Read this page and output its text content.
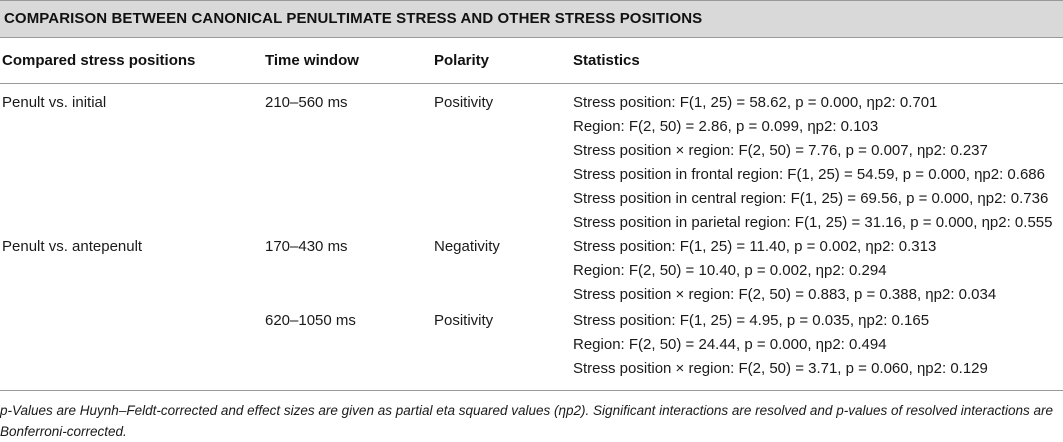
COMPARISON BETWEEN CANONICAL PENULTIMATE STRESS AND OTHER STRESS POSITIONS
Compared stress positions	Time window	Polarity	Statistics
Penult vs. initial	210–560 ms	Positivity	Stress position: F(1, 25) = 58.62, p = 0.000, ηp2: 0.701
Region: F(2, 50) = 2.86, p = 0.099, ηp2: 0.103
Stress position × region: F(2, 50) = 7.76, p = 0.007, ηp2: 0.237
Stress position in frontal region: F(1, 25) = 54.59, p = 0.000, ηp2: 0.686
Stress position in central region: F(1, 25) = 69.56, p = 0.000, ηp2: 0.736
Stress position in parietal region: F(1, 25) = 31.16, p = 0.000, ηp2: 0.555
Penult vs. antepenult	170–430 ms	Negativity	Stress position: F(1, 25) = 11.40, p = 0.002, ηp2: 0.313
Region: F(2, 50) = 10.40, p = 0.002, ηp2: 0.294
Stress position × region: F(2, 50) = 0.883, p = 0.388, ηp2: 0.034
620–1050 ms	Positivity	Stress position: F(1, 25) = 4.95, p = 0.035, ηp2: 0.165
Region: F(2, 50) = 24.44, p = 0.000, ηp2: 0.494
Stress position × region: F(2, 50) = 3.71, p = 0.060, ηp2: 0.129
p-Values are Huynh–Feldt-corrected and effect sizes are given as partial eta squared values (ηp2). Significant interactions are resolved and p-values of resolved interactions are Bonferroni-corrected.
